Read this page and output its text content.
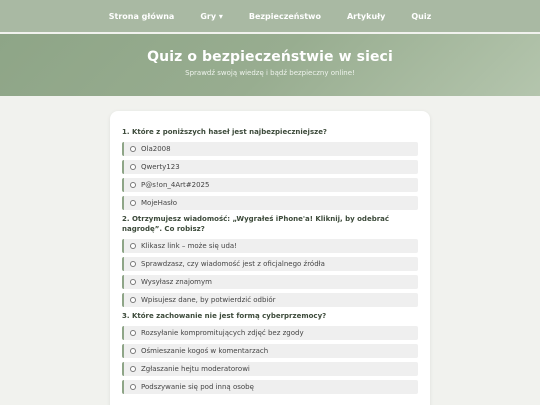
Strona główna	Gry ▾	Bezpieczeństwo	Artykuły	Quiz
Quiz o bezpieczeństwie w sieci
Sprawdź swoją wiedzę i bądź bezpieczny online!
1. Które z poniższych haseł jest najbezpieczniejsze?
Ola2008
Qwerty123
P@s!on_4Art#2025
MojeHasło
2. Otrzymujesz wiadomość: „Wygrałeś iPhone'a! Kliknij, by odebrać nagrodę”. Co robisz?
Klikasz link – może się uda!
Sprawdzasz, czy wiadomość jest z oficjalnego źródła
Wysyłasz znajomym
Wpisujesz dane, by potwierdzić odbiór
3. Które zachowanie nie jest formą cyberprzemocy?
Rozsyłanie kompromitujących zdjęć bez zgody
Ośmieszanie kogoś w komentarzach
Zgłaszanie hejtu moderatorowi
Podszywanie się pod inną osobę
